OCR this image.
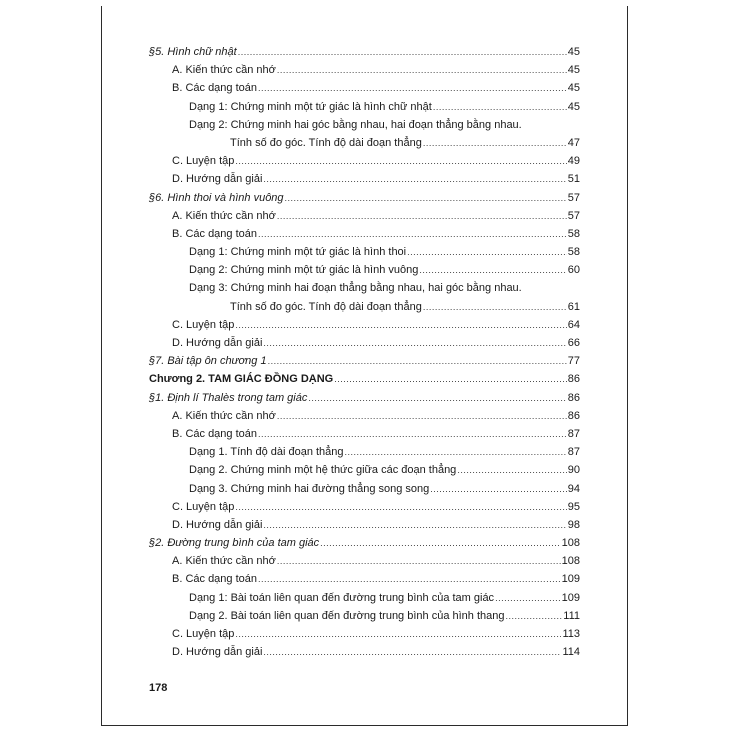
§5. Hình chữ nhật .....	45
A. Kiến thức cần nhớ .....	45
B. Các dạng toán .....	45
Dạng 1: Chứng minh một tứ giác là hình chữ nhật .....	45
Dạng 2: Chứng minh hai góc bằng nhau, hai đoạn thẳng bằng nhau.
Tính số đo góc. Tính độ dài đoạn thẳng .....	47
C. Luyện tập .....	49
D. Hướng dẫn giải .....	51
§6. Hình thoi và hình vuông .....	57
A. Kiến thức cần nhớ .....	57
B. Các dạng toán .....	58
Dạng 1: Chứng minh một tứ giác là hình thoi .....	58
Dạng 2: Chứng minh một tứ giác là hình vuông .....	60
Dạng 3: Chứng minh hai đoạn thẳng bằng nhau, hai góc bằng nhau.
Tính số đo góc. Tính độ dài đoạn thẳng .....	61
C. Luyện tập .....	64
D. Hướng dẫn giải .....	66
§7. Bài tập ôn chương 1 .....	77
Chương 2. TAM GIÁC ĐỒNG DẠNG .....	86
§1. Định lí Thalès trong tam giác .....	86
A. Kiến thức cần nhớ .....	86
B. Các dạng toán .....	87
Dạng 1. Tính độ dài đoạn thẳng .....	87
Dạng 2. Chứng minh một hệ thức giữa các đoạn thẳng .....	90
Dạng 3. Chứng minh hai đường thẳng song song .....	94
C. Luyện tập .....	95
D. Hướng dẫn giải .....	98
§2. Đường trung bình của tam giác .....	108
A. Kiến thức cần nhớ .....	108
B. Các dạng toán .....	109
Dạng 1: Bài toán liên quan đến đường trung bình của tam giác .....	109
Dạng 2. Bài toán liên quan đến đường trung bình của hình thang .....	111
C. Luyện tập .....	113
D. Hướng dẫn giải .....	114
178
